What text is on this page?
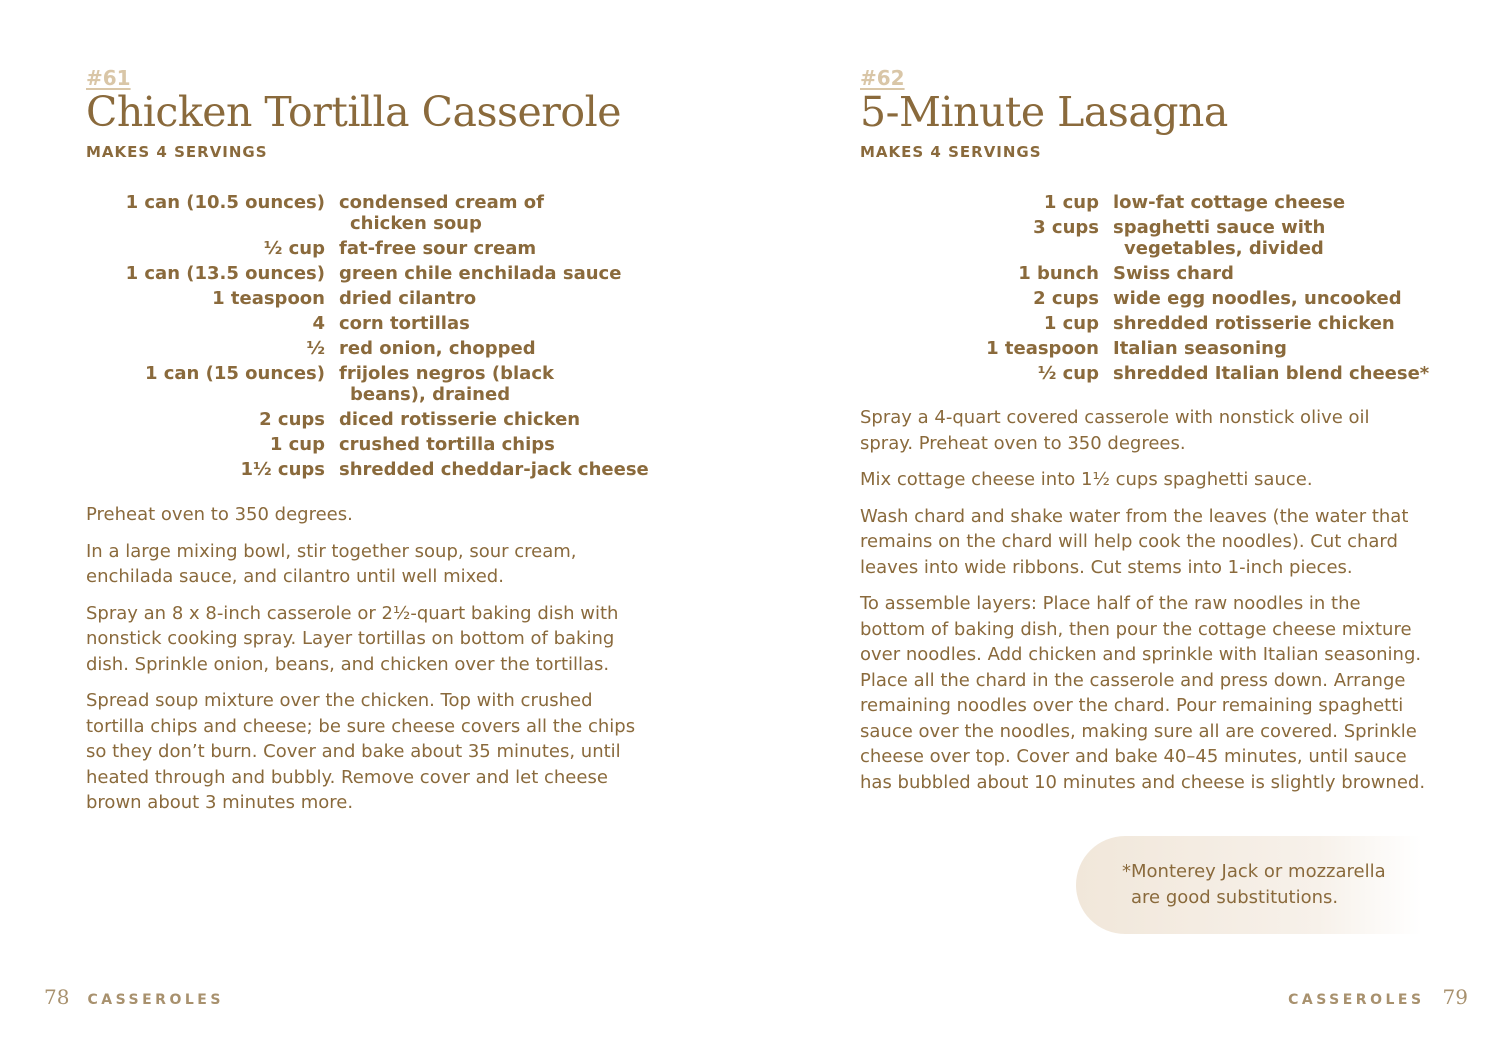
#61
Chicken Tortilla Casserole
MAKES 4 SERVINGS
1 can (10.5 ounces)	condensed cream of
chicken soup

½ cup	fat-free sour cream
1 can (13.5 ounces)	green chile enchilada sauce
1 teaspoon	dried cilantro
4	corn tortillas
½	red onion, chopped
1 can (15 ounces)	frijoles negros (black
beans), drained

2 cups	diced rotisserie chicken
1 cup	crushed tortilla chips
1½ cups	shredded cheddar-jack cheese

Preheat oven to 350 degrees.

In a large mixing bowl, stir together soup, sour cream, enchilada sauce, and cilantro until well mixed.

Spray an 8 x 8-inch casserole or 2½-quart baking dish with nonstick cooking spray. Layer tortillas on bottom of baking dish. Sprinkle onion, beans, and chicken over the tortillas.

Spread soup mixture over the chicken. Top with crushed tortilla chips and cheese; be sure cheese covers all the chips so they don’t burn. Cover and bake about 35 minutes, until heated through and bubbly. Remove cover and let cheese brown about 3 minutes more.

78 CASSEROLES
#62
5-Minute Lasagna
MAKES 4 SERVINGS
1 cup	low-fat cottage cheese
3 cups	spaghetti sauce with
vegetables, divided

1 bunch	Swiss chard
2 cups	wide egg noodles, uncooked
1 cup	shredded rotisserie chicken
1 teaspoon	Italian seasoning
½ cup	shredded Italian blend cheese*

Spray a 4-quart covered casserole with nonstick olive oil spray. Preheat oven to 350 degrees.

Mix cottage cheese into 1½ cups spaghetti sauce.

Wash chard and shake water from the leaves (the water that remains on the chard will help cook the noodles). Cut chard leaves into wide ribbons. Cut stems into 1-inch pieces.

To assemble layers: Place half of the raw noodles in the bottom of baking dish, then pour the cottage cheese mixture over noodles. Add chicken and sprinkle with Italian seasoning. Place all the chard in the casserole and press down. Arrange remaining noodles over the chard. Pour remaining spaghetti sauce over the noodles, making sure all are covered. Sprinkle cheese over top. Cover and bake 40–45 minutes, until sauce has bubbled about 10 minutes and cheese is slightly browned.

*Monterey Jack or mozzarella
are good substitutions.
CASSEROLES 79
